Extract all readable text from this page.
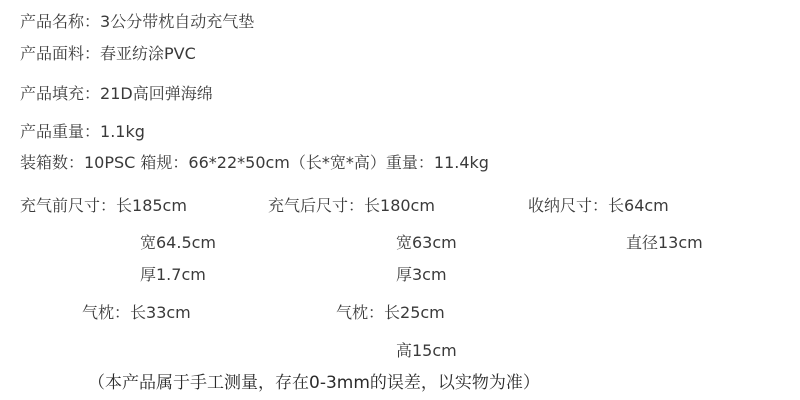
产品名称：3公分带枕自动充气垫
产品面料：春亚纺涂PVC
产品填充：21D高回弹海绵
产品重量：1.1kg
装箱数：10PSC 箱规：66*22*50cm（长*宽*高）重量：11.4kg
充气前尺寸：长185cm
宽64.5cm
厚1.7cm
气枕：长33cm
充气后尺寸：长180cm
宽63cm
厚3cm
气枕：长25cm
高15cm
收纳尺寸：长64cm
直径13cm
（本产品属于手工测量，存在0-3mm的误差，以实物为准）
